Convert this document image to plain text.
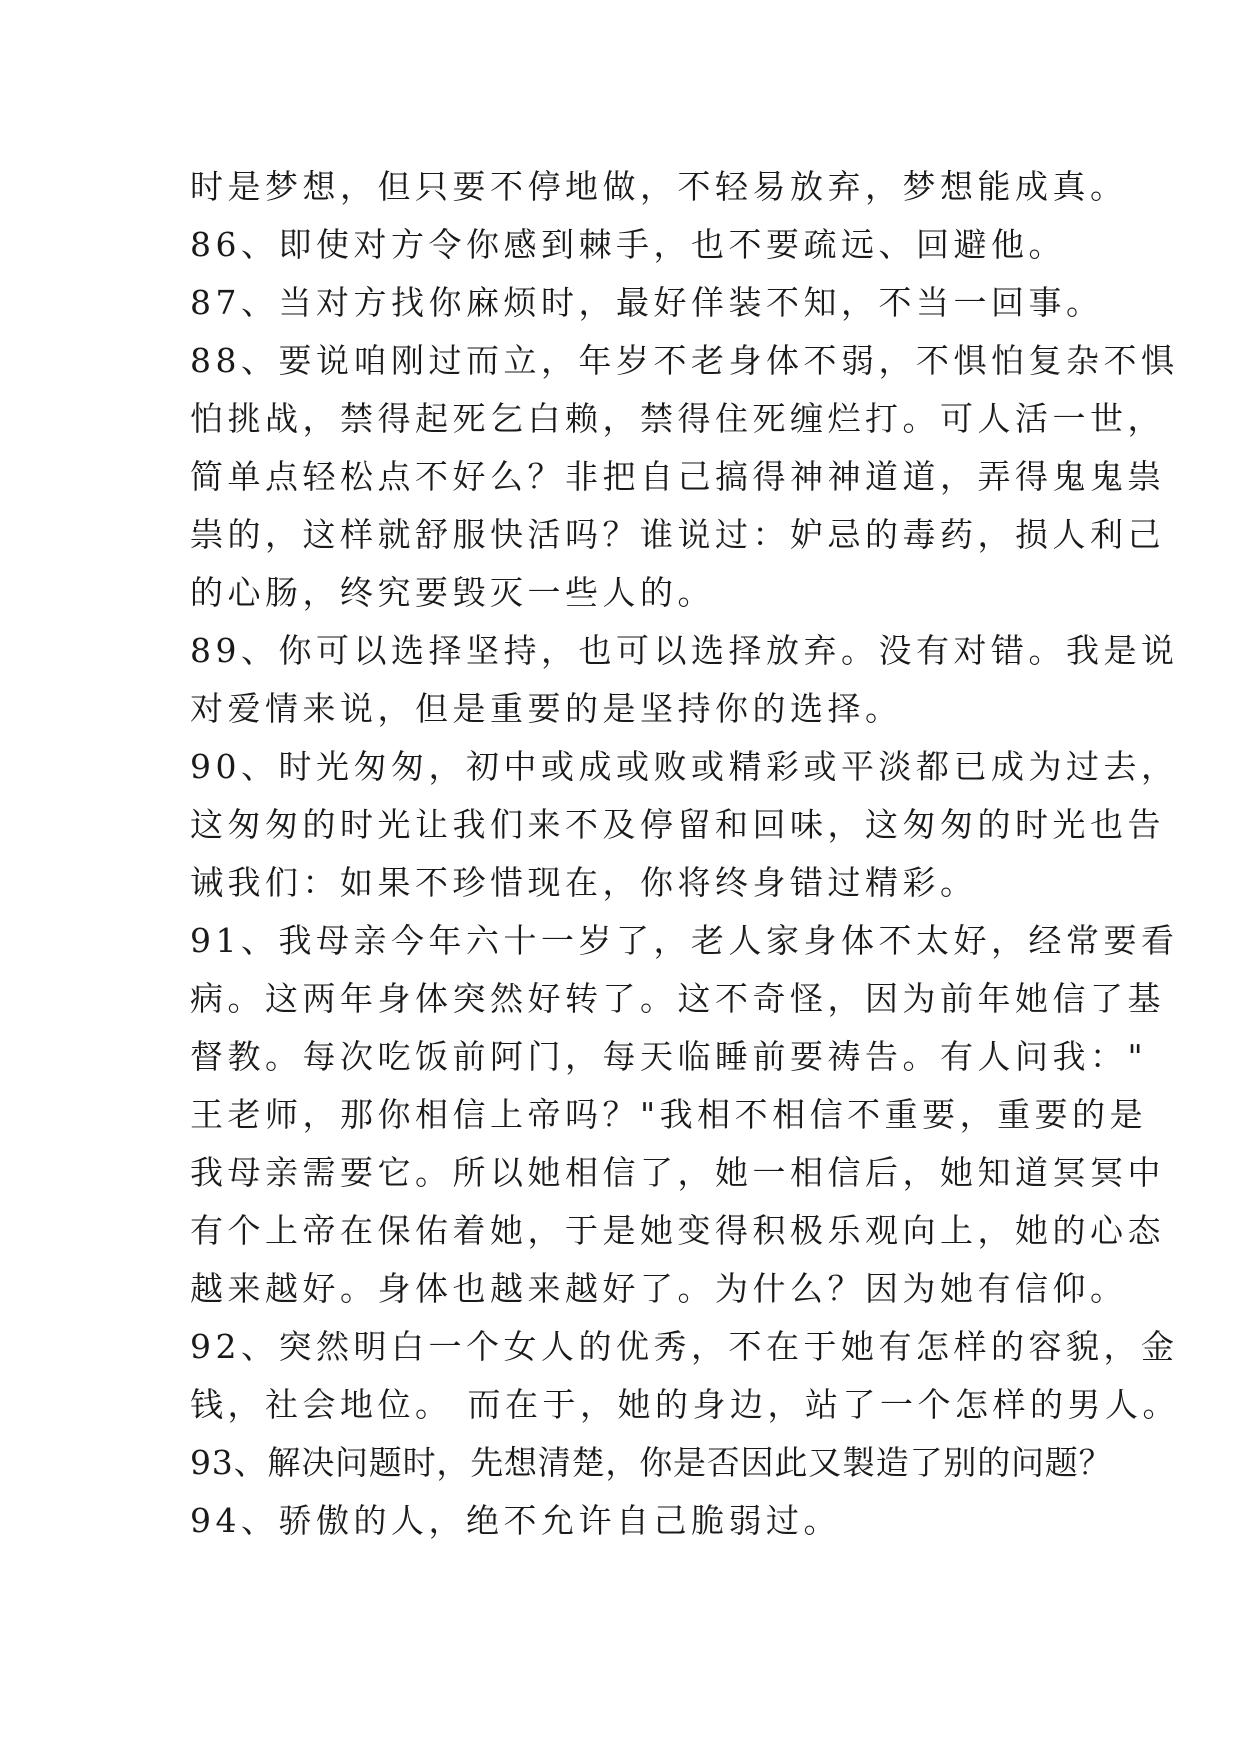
时是梦想，但只要不停地做，不轻易放弃，梦想能成真。
86、即使对方令你感到棘手，也不要疏远、回避他。
87、当对方找你麻烦时，最好佯装不知，不当一回事。
88、要说咱刚过而立，年岁不老身体不弱，不惧怕复杂不惧
怕挑战，禁得起死乞白赖，禁得住死缠烂打。可人活一世，
简单点轻松点不好么？非把自己搞得神神道道，弄得鬼鬼祟
祟的，这样就舒服快活吗？谁说过：妒忌的毒药，损人利己
的心肠，终究要毁灭一些人的。
89、你可以选择坚持，也可以选择放弃。没有对错。我是说
对爱情来说，但是重要的是坚持你的选择。
90、时光匆匆，初中或成或败或精彩或平淡都已成为过去，
这匆匆的时光让我们来不及停留和回味，这匆匆的时光也告
诫我们：如果不珍惜现在，你将终身错过精彩。
91、我母亲今年六十一岁了，老人家身体不太好，经常要看
病。这两年身体突然好转了。这不奇怪，因为前年她信了基
督教。每次吃饭前阿门，每天临睡前要祷告。有人问我："
王老师，那你相信上帝吗？"我相不相信不重要，重要的是
我母亲需要它。所以她相信了，她一相信后，她知道冥冥中
有个上帝在保佑着她，于是她变得积极乐观向上，她的心态
越来越好。身体也越来越好了。为什么？因为她有信仰。
92、突然明白一个女人的优秀，不在于她有怎样的容貌，金
钱，社会地位。 而在于，她的身边，站了一个怎样的男人。
93、解决问题时，先想清楚，你是否因此又製造了别的问题？
94、骄傲的人，绝不允许自己脆弱过。
